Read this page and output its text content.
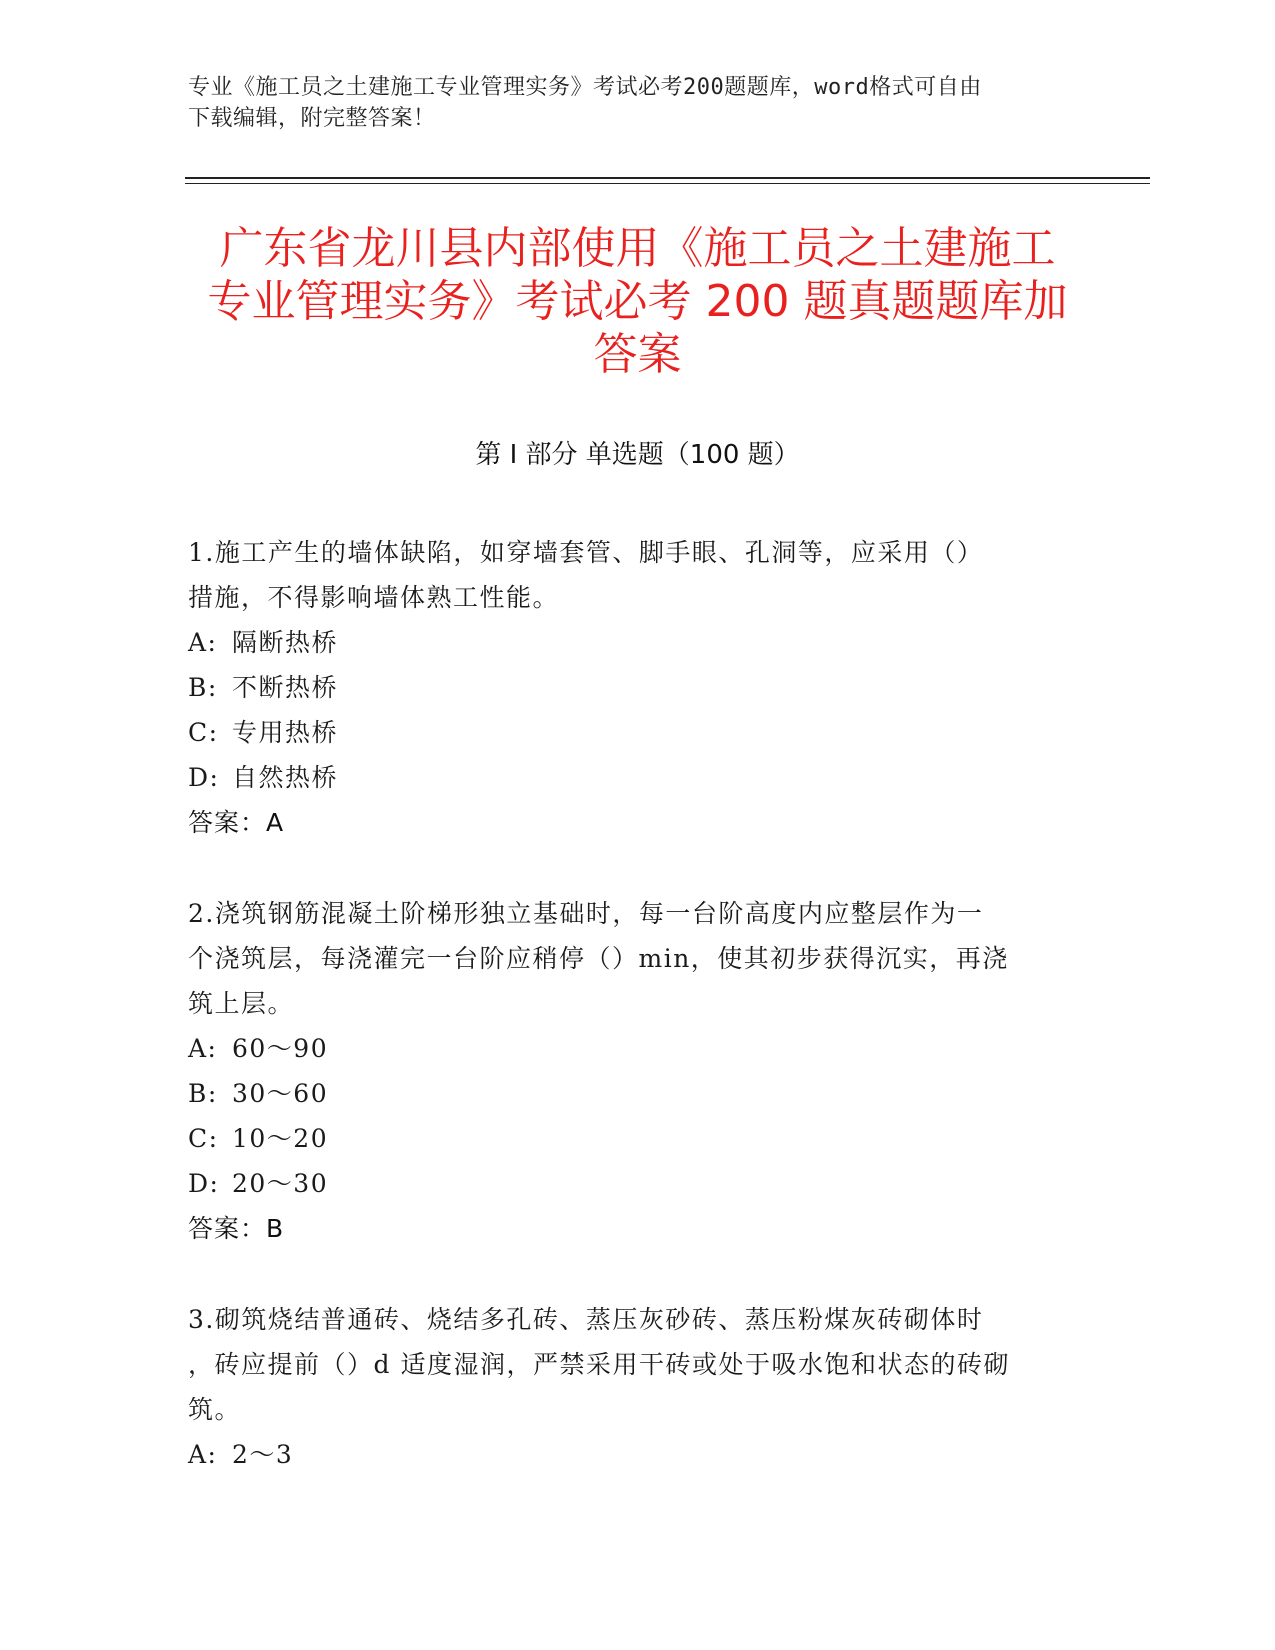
专业《施工员之土建施工专业管理实务》考试必考200题题库，word格式可自由
下载编辑，附完整答案！
广东省龙川县内部使用《施工员之土建施工
专业管理实务》考试必考 200 题真题题库加
答案
第 I 部分 单选题（100 题）
1.施工产生的墙体缺陷，如穿墙套管、脚手眼、孔洞等，应采用（）
措施，不得影响墙体熟工性能。
A: 隔断热桥
B: 不断热桥
C: 专用热桥
D: 自然热桥
答案：A
2.浇筑钢筋混凝土阶梯形独立基础时，每一台阶高度内应整层作为一
个浇筑层，每浇灌完一台阶应稍停（）min，使其初步获得沉实，再浇
筑上层。
A: 60～90
B: 30～60
C: 10～20
D: 20～30
答案：B
3.砌筑烧结普通砖、烧结多孔砖、蒸压灰砂砖、蒸压粉煤灰砖砌体时
，砖应提前（）d 适度湿润，严禁采用干砖或处于吸水饱和状态的砖砌
筑。
A: 2～3
